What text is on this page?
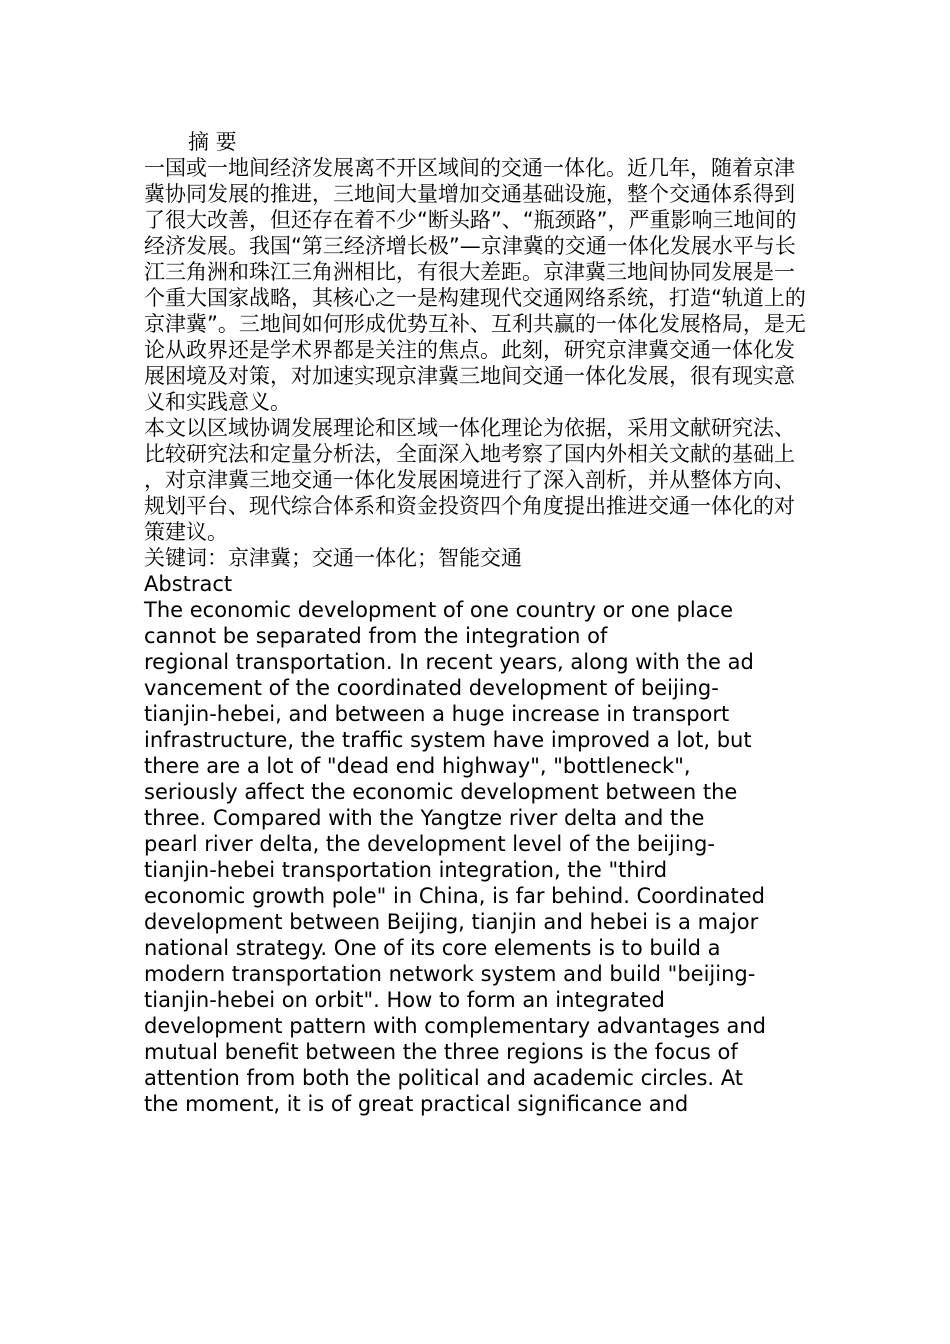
摘 要

一国或一地间经济发展离不开区域间的交通一体化。近几年，随着京津冀协同发展的推进，三地间大量增加交通基础设施，整个交通体系得到了很大改善，但还存在着不少“断头路”、“瓶颈路”，严重影响三地间的经济发展。我国“第三经济增长极”—京津冀的交通一体化发展水平与长江三角洲和珠江三角洲相比，有很大差距。京津冀三地间协同发展是一个重大国家战略，其核心之一是构建现代交通网络系统，打造“轨道上的京津冀”。三地间如何形成优势互补、互利共赢的一体化发展格局，是无论从政界还是学术界都是关注的焦点。此刻，研究京津冀交通一体化发展困境及对策，对加速实现京津冀三地间交通一体化发展，很有现实意义和实践意义。

本文以区域协调发展理论和区域一体化理论为依据，采用文献研究法、比较研究法和定量分析法，全面深入地考察了国内外相关文献的基础上，对京津冀三地交通一体化发展困境进行了深入剖析，并从整体方向、规划平台、现代综合体系和资金投资四个角度提出推进交通一体化的对策建议。

关键词：京津冀；交通一体化；智能交通

Abstract

The economic development of one country or one place
cannot be separated from the integration of
regional transportation. In recent years, along with the ad
vancement of the coordinated development of beijing-
tianjin-hebei, and between a huge increase in transport
infrastructure, the traffic system have improved a lot, but
there are a lot of "dead end highway", "bottleneck",
seriously affect the economic development between the
three. Compared with the Yangtze river delta and the
pearl river delta, the development level of the beijing-
tianjin-hebei transportation integration, the "third
economic growth pole" in China, is far behind. Coordinated
development between Beijing, tianjin and hebei is a major
national strategy. One of its core elements is to build a
modern transportation network system and build "beijing-
tianjin-hebei on orbit". How to form an integrated
development pattern with complementary advantages and
mutual benefit between the three regions is the focus of
attention from both the political and academic circles. At
the moment, it is of great practical significance and
